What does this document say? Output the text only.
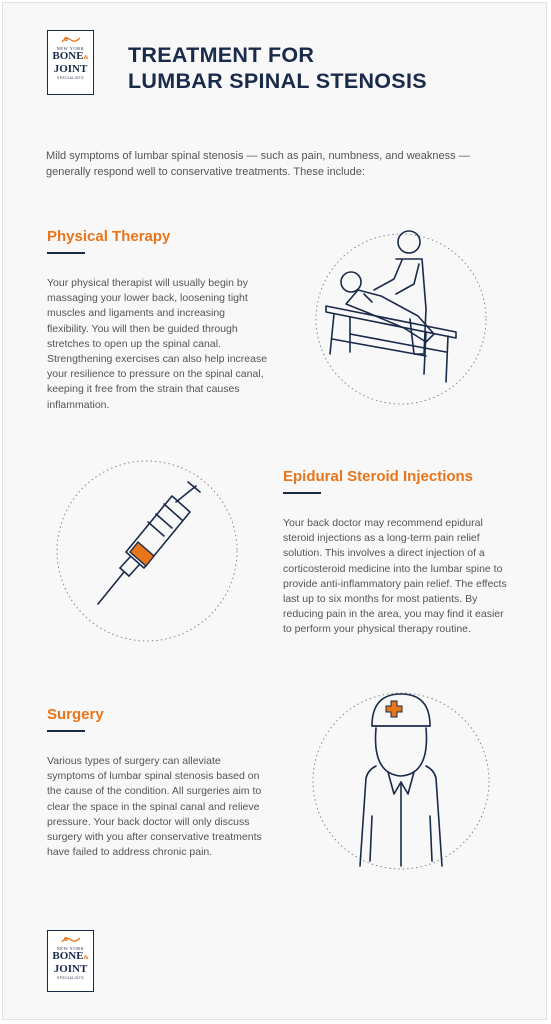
NEW YORK
BONE&
JOINT
SPECIALISTS
TREATMENT FOR
LUMBAR SPINAL STENOSIS
Mild symptoms of lumbar spinal stenosis — such as pain, numbness, and weakness — generally respond well to conservative treatments. These include:
Physical Therapy
Your physical therapist will usually begin by massaging your lower back, loosening tight muscles and ligaments and increasing flexibility. You will then be guided through stretches to open up the spinal canal. Strengthening exercises can also help increase your resilience to pressure on the spinal canal, keeping it free from the strain that causes inflammation.
Epidural Steroid Injections
Your back doctor may recommend epidural steroid injections as a long-term pain relief solution. This involves a direct injection of a corticosteroid medicine into the lumbar spine to provide anti-inflammatory pain relief. The effects last up to six months for most patients. By reducing pain in the area, you may find it easier to perform your physical therapy routine.
Surgery
Various types of surgery can alleviate symptoms of lumbar spinal stenosis based on the cause of the condition. All surgeries aim to clear the space in the spinal canal and relieve pressure. Your back doctor will only discuss surgery with you after conservative treatments have failed to address chronic pain.
NEW YORK
BONE&
JOINT
SPECIALISTS
